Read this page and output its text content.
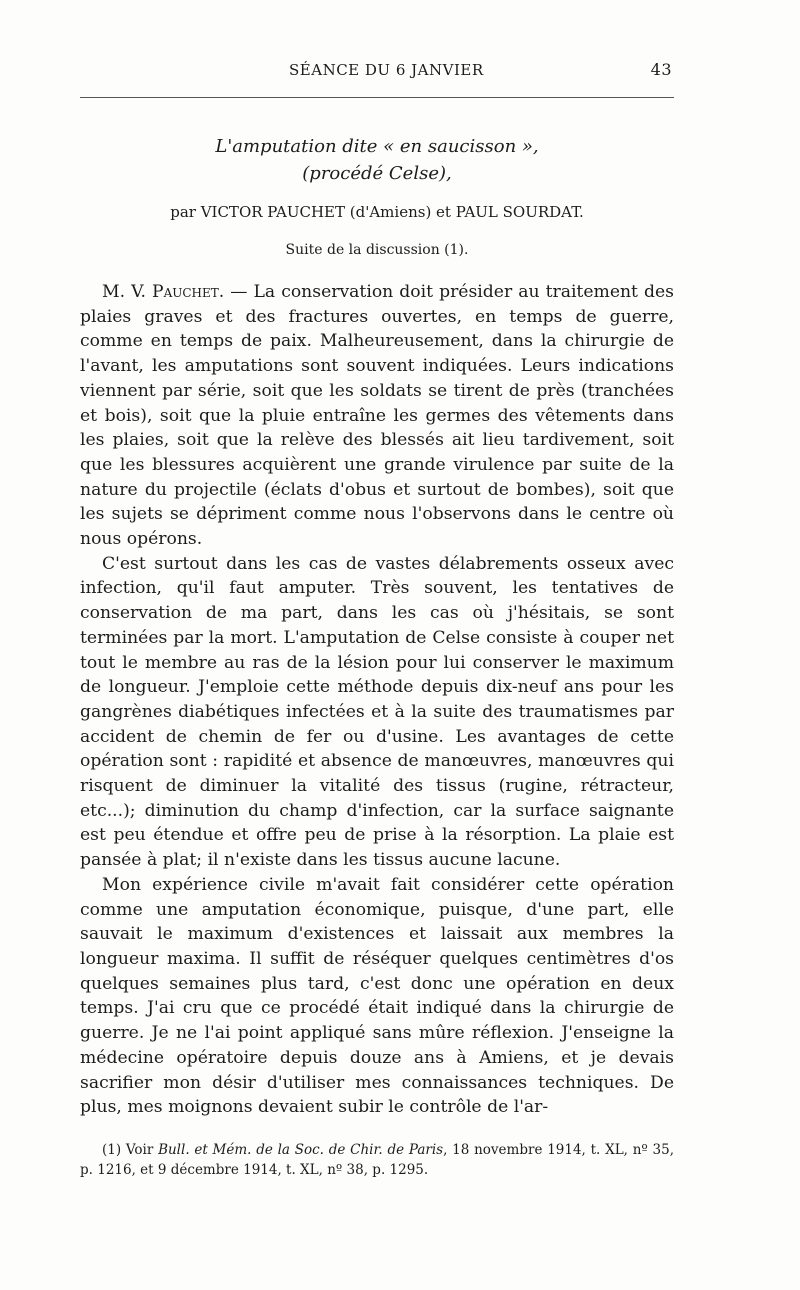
SÉANCE DU 6 JANVIER	43
L'amputation dite « en saucisson »,
(procédé Celse),
par VICTOR PAUCHET (d'Amiens) et PAUL SOURDAT.
Suite de la discussion (1).

M. V. Pauchet. — La conservation doit présider au traitement des plaies graves et des fractures ouvertes, en temps de guerre, comme en temps de paix. Malheureusement, dans la chirurgie de l'avant, les amputations sont souvent indiquées. Leurs indications viennent par série, soit que les soldats se tirent de près (tranchées et bois), soit que la pluie entraîne les germes des vêtements dans les plaies, soit que la relève des blessés ait lieu tardivement, soit que les blessures acquièrent une grande virulence par suite de la nature du projectile (éclats d'obus et surtout de bombes), soit que les sujets se dépriment comme nous l'observons dans le centre où nous opérons.

C'est surtout dans les cas de vastes délabrements osseux avec infection, qu'il faut amputer. Très souvent, les tentatives de conservation de ma part, dans les cas où j'hésitais, se sont terminées par la mort. L'amputation de Celse consiste à couper net tout le membre au ras de la lésion pour lui conserver le maximum de longueur. J'emploie cette méthode depuis dix-neuf ans pour les gangrènes diabétiques infectées et à la suite des traumatismes par accident de chemin de fer ou d'usine. Les avantages de cette opération sont : rapidité et absence de manœuvres, manœuvres qui risquent de diminuer la vitalité des tissus (rugine, rétracteur, etc...); diminution du champ d'infection, car la surface saignante est peu étendue et offre peu de prise à la résorption. La plaie est pansée à plat; il n'existe dans les tissus aucune lacune.

Mon expérience civile m'avait fait considérer cette opération comme une amputation économique, puisque, d'une part, elle sauvait le maximum d'existences et laissait aux membres la longueur maxima. Il suffit de réséquer quelques centimètres d'os quelques semaines plus tard, c'est donc une opération en deux temps. J'ai cru que ce procédé était indiqué dans la chirurgie de guerre. Je ne l'ai point appliqué sans mûre réflexion. J'enseigne la médecine opératoire depuis douze ans à Amiens, et je devais sacrifier mon désir d'utiliser mes connaissances techniques. De plus, mes moignons devaient subir le contrôle de l'ar-

(1) Voir Bull. et Mém. de la Soc. de Chir. de Paris, 18 novembre 1914, t. XL, nº 35, p. 1216, et 9 décembre 1914, t. XL, nº 38, p. 1295.
